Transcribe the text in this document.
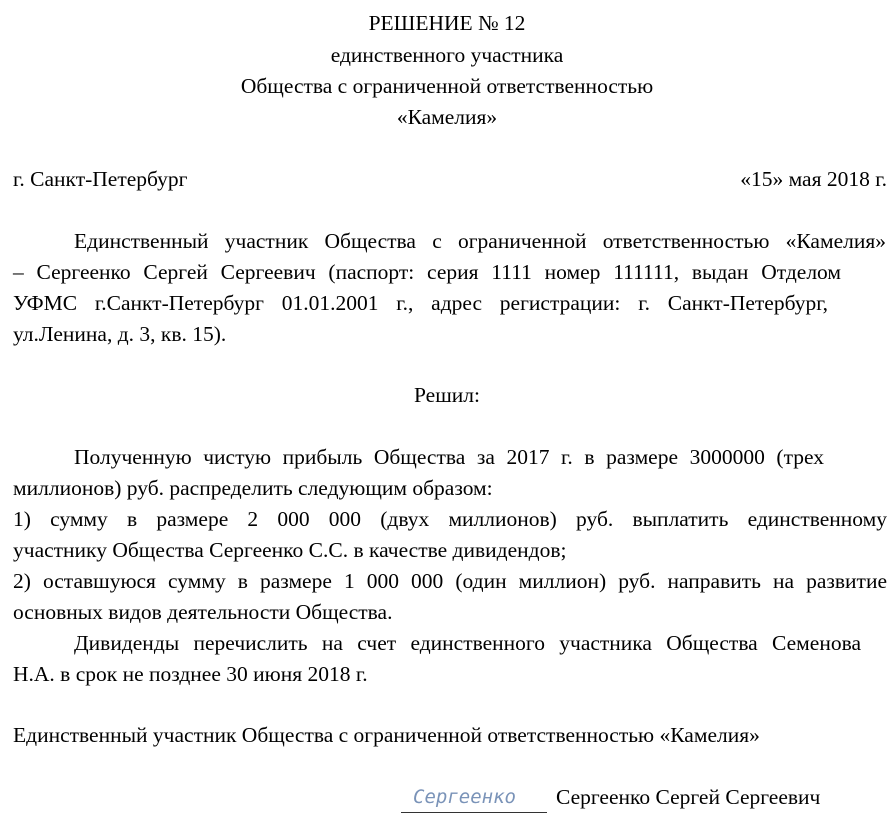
РЕШЕНИЕ № 12
единственного участника
Общества с ограниченной ответственностью
«Камелия»
г. Санкт-Петербург	«15» мая 2018 г.
Единственный участник Общества с ограниченной ответственностью «Камелия»
– Сергеенко Сергей Сергеевич (паспорт: серия 1111 номер 111111, выдан Отделом
УФМС г.Санкт-Петербург 01.01.2001 г., адрес регистрации: г. Санкт-Петербург,
ул.Ленина, д. 3, кв. 15).
Решил:
Полученную чистую прибыль Общества за 2017 г. в размере 3000000 (трех
миллионов) руб. распределить следующим образом:
1) сумму в размере 2 000 000 (двух миллионов) руб. выплатить единственному
участнику Общества Сергеенко С.С. в качестве дивидендов;
2) оставшуюся сумму в размере 1 000 000 (один миллион) руб. направить на развитие
основных видов деятельности Общества.
Дивиденды перечислить на счет единственного участника Общества Семенова
Н.А. в срок не позднее 30 июня 2018 г.
Единственный участник Общества с ограниченной ответственностью «Камелия»
Сергеенко Сергеенко Сергей Сергеевич
